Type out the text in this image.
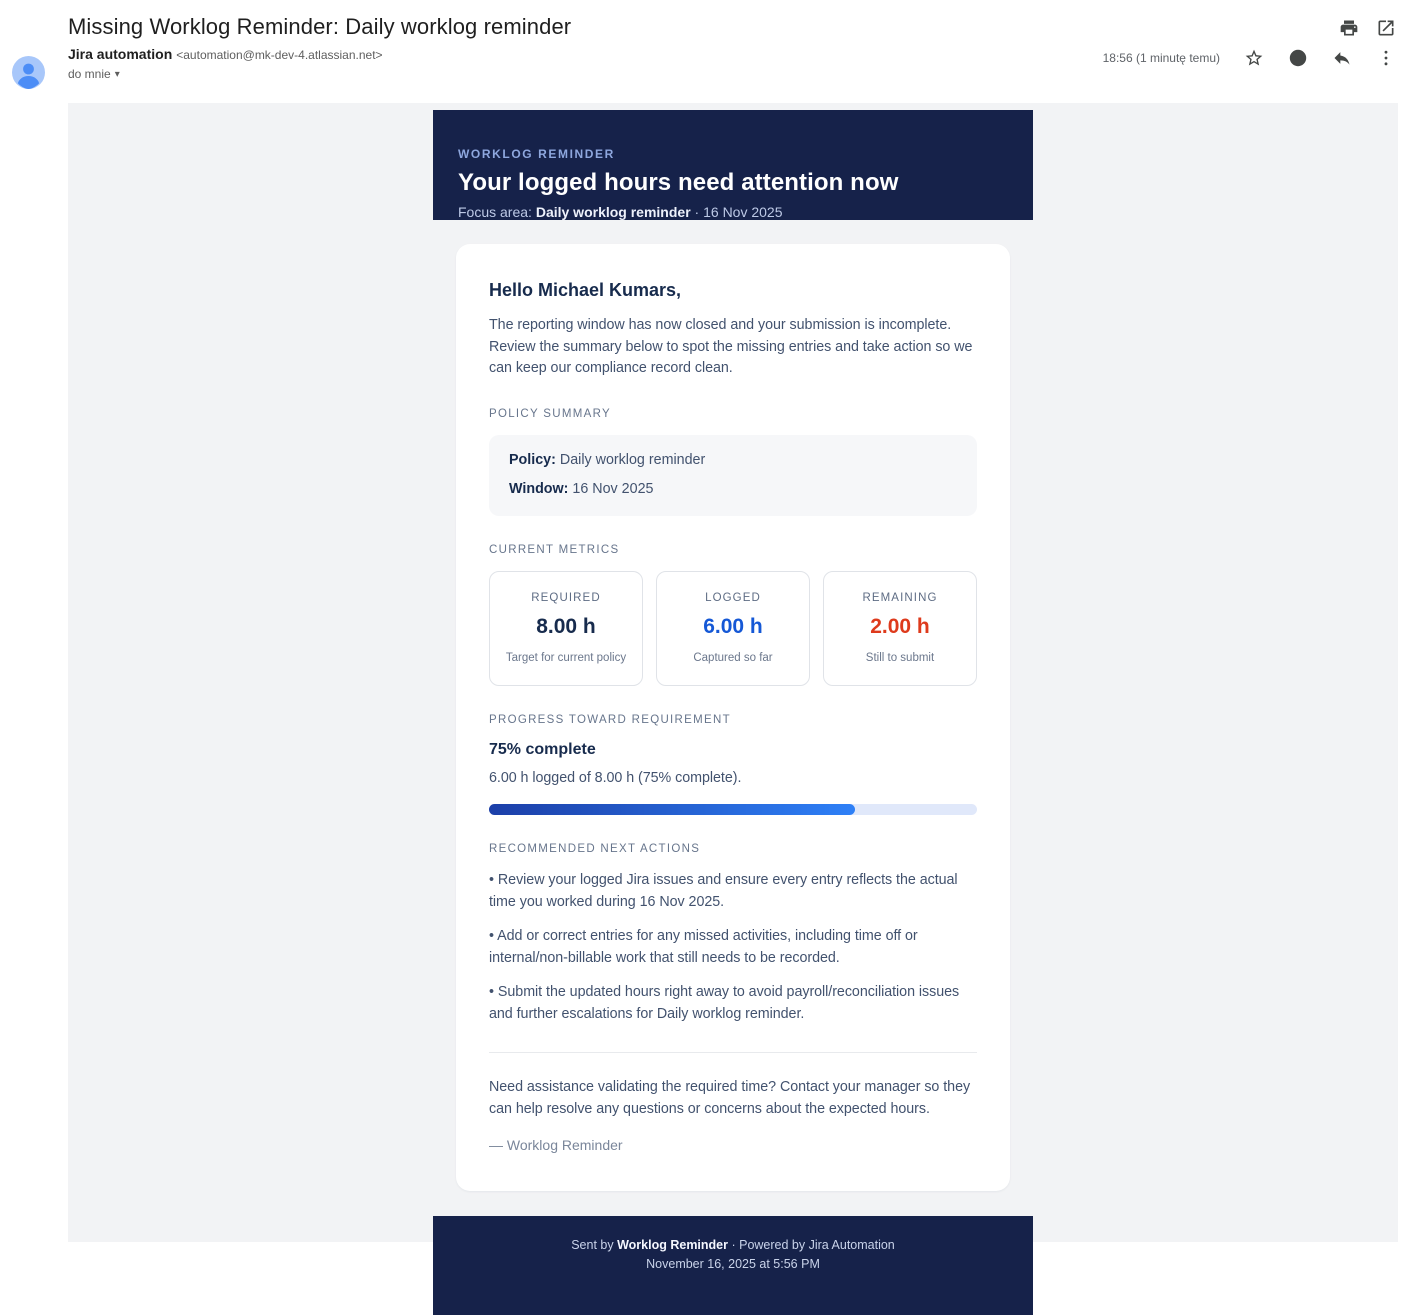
Missing Worklog Reminder: Daily worklog reminder
Jira automation <automation@mk-dev-4.atlassian.net>
do mnie ▾
18:56 (1 minutę temu)
WORKLOG REMINDER
Your logged hours need attention now
Focus area: Daily worklog reminder · 16 Nov 2025
Hello Michael Kumars,

The reporting window has now closed and your submission is incomplete. Review the summary below to spot the missing entries and take action so we can keep our compliance record clean.

POLICY SUMMARY
Policy: Daily worklog reminder
Window: 16 Nov 2025
CURRENT METRICS
REQUIRED
8.00 h
Target for current policy
LOGGED
6.00 h
Captured so far
REMAINING
2.00 h
Still to submit
PROGRESS TOWARD REQUIREMENT
75% complete

6.00 h logged of 8.00 h (75% complete).

RECOMMENDED NEXT ACTIONS

• Review your logged Jira issues and ensure every entry reflects the actual time you worked during 16 Nov 2025.

• Add or correct entries for any missed activities, including time off or internal/non-billable work that still needs to be recorded.

• Submit the updated hours right away to avoid payroll/reconciliation issues and further escalations for Daily worklog reminder.

Need assistance validating the required time? Contact your manager so they can help resolve any questions or concerns about the expected hours.

— Worklog Reminder
Sent by Worklog Reminder · Powered by Jira Automation
November 16, 2025 at 5:56 PM
